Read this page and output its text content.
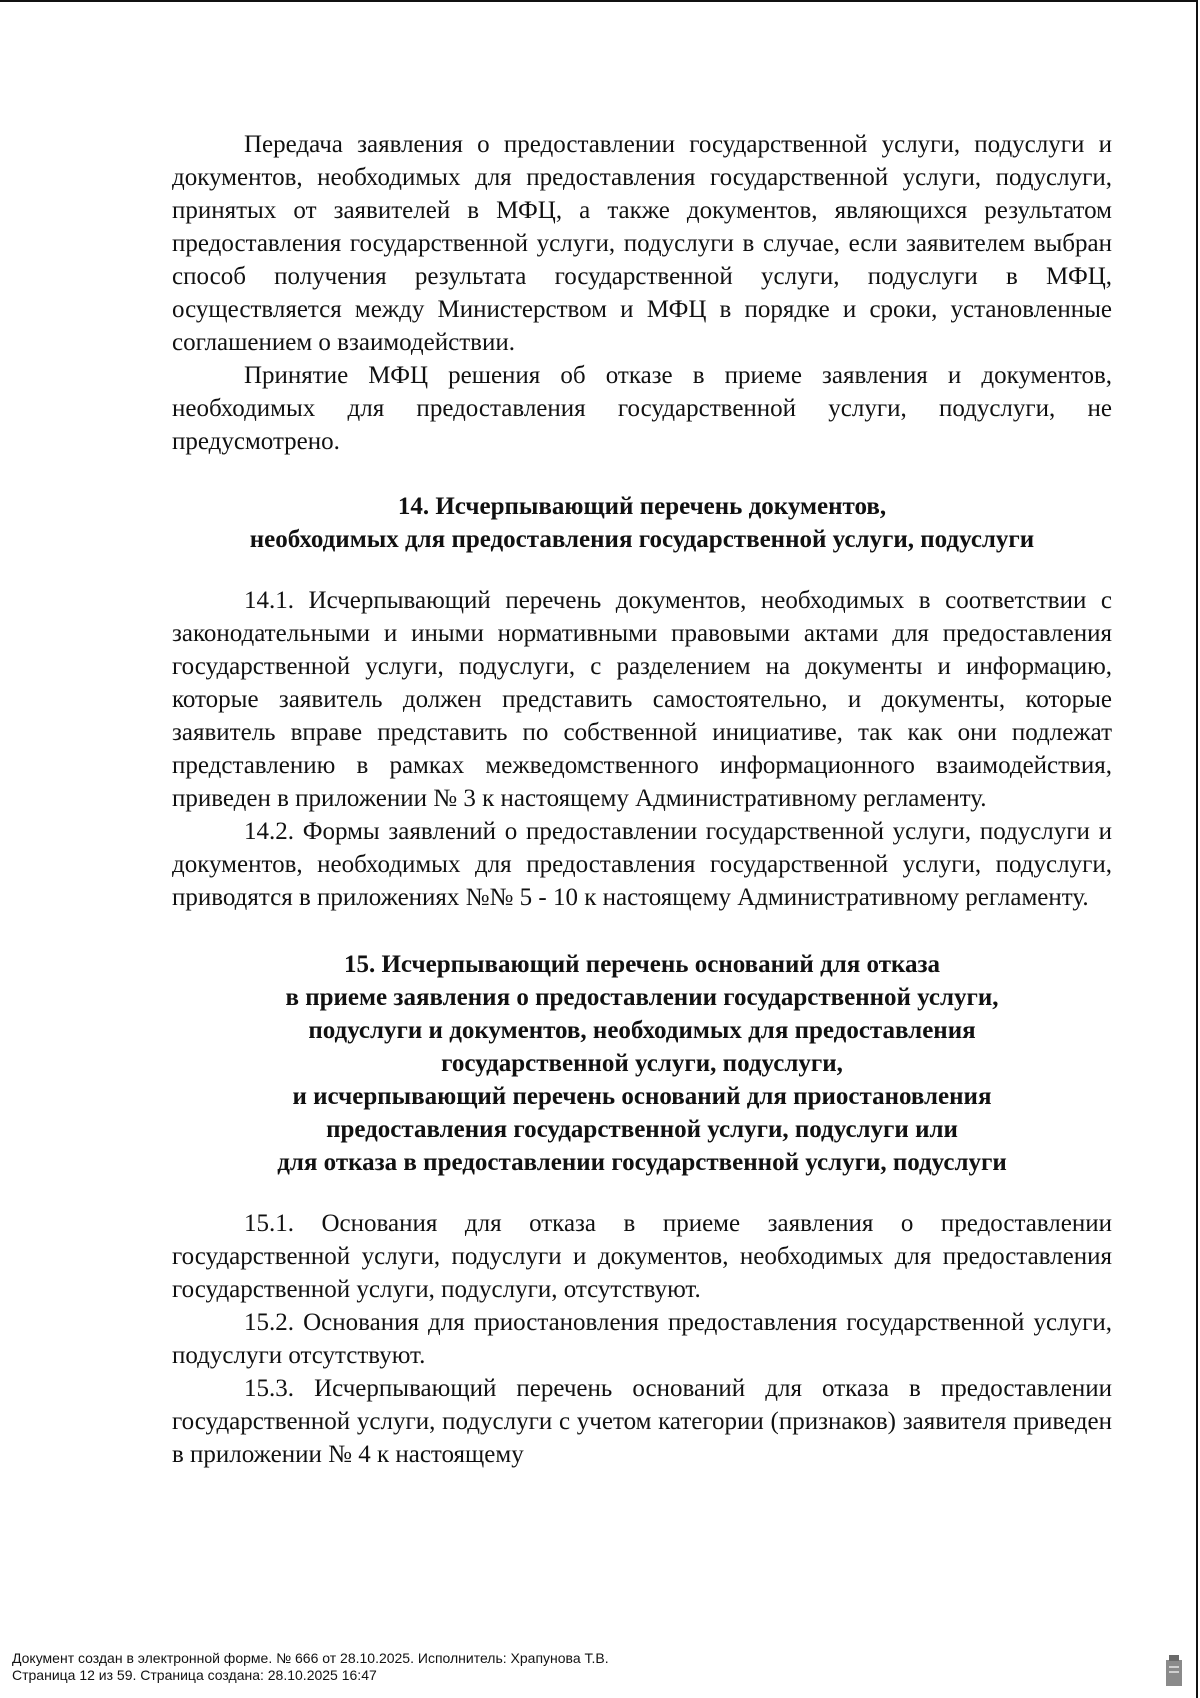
Передача заявления о предоставлении государственной услуги, подуслуги и документов, необходимых для предоставления государственной услуги, подуслуги, принятых от заявителей в МФЦ, а также документов, являющихся результатом предоставления государственной услуги, подуслуги в случае, если заявителем выбран способ получения результата государственной услуги, подуслуги в МФЦ, осуществляется между Министерством и МФЦ в порядке и сроки, установленные соглашением о взаимодействии.

Принятие МФЦ решения об отказе в приеме заявления и документов, необходимых для предоставления государственной услуги, подуслуги, не предусмотрено.

14. Исчерпывающий перечень документов,
необходимых для предоставления государственной услуги, подуслуги

14.1. Исчерпывающий перечень документов, необходимых в соответствии с законодательными и иными нормативными правовыми актами для предоставления государственной услуги, подуслуги, с разделением на документы и информацию, которые заявитель должен представить самостоятельно, и документы, которые заявитель вправе представить по собственной инициативе, так как они подлежат представлению в рамках межведомственного информационного взаимодействия, приведен в приложении № 3 к настоящему Административному регламенту.

14.2. Формы заявлений о предоставлении государственной услуги, подуслуги и документов, необходимых для предоставления государственной услуги, подуслуги, приводятся в приложениях №№ 5 - 10 к настоящему Административному регламенту.

15. Исчерпывающий перечень оснований для отказа
в приеме заявления о предоставлении государственной услуги,
подуслуги и документов, необходимых для предоставления
государственной услуги, подуслуги,
и исчерпывающий перечень оснований для приостановления
предоставления государственной услуги, подуслуги или
для отказа в предоставлении государственной услуги, подуслуги

15.1. Основания для отказа в приеме заявления о предоставлении государственной услуги, подуслуги и документов, необходимых для предоставления государственной услуги, подуслуги, отсутствуют.

15.2. Основания для приостановления предоставления государственной услуги, подуслуги отсутствуют.

15.3. Исчерпывающий перечень оснований для отказа в предоставлении государственной услуги, подуслуги с учетом категории (признаков) заявителя приведен в приложении № 4 к настоящему

Документ создан в электронной форме. № 666 от 28.10.2025. Исполнитель: Храпунова Т.В.
Страница 12 из 59. Страница создана: 28.10.2025 16:47
